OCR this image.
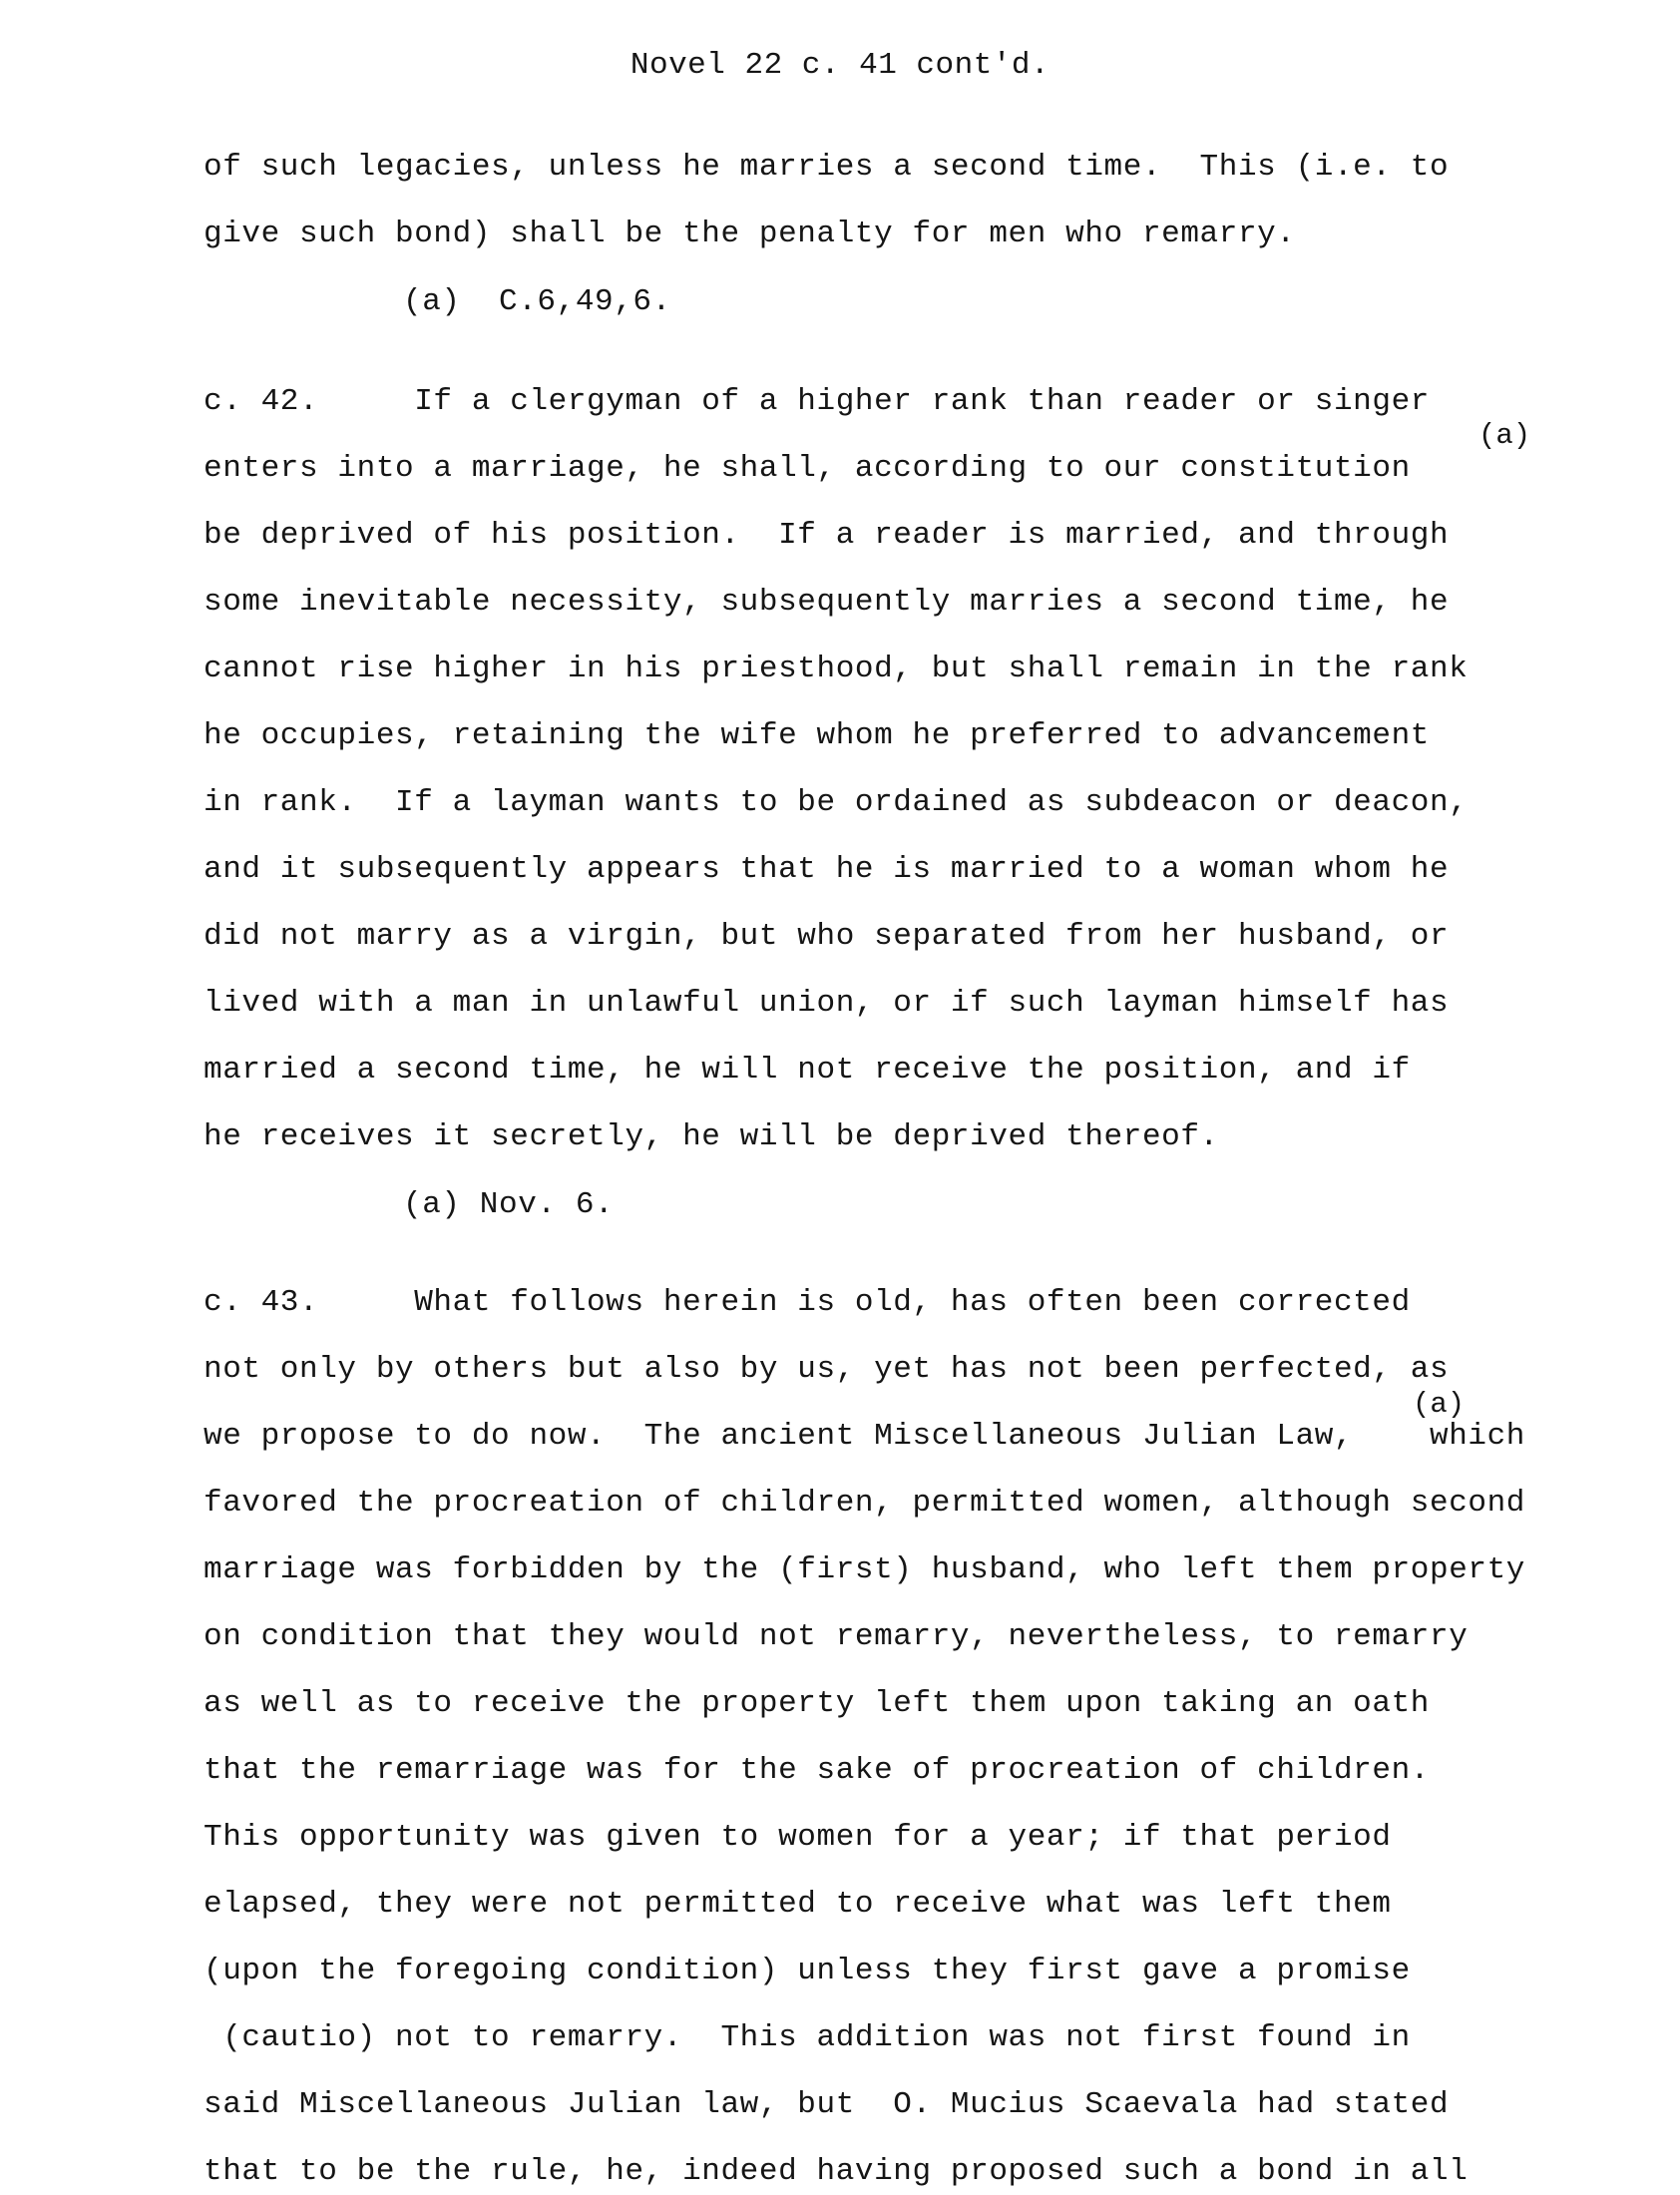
Novel 22 c. 41 cont'd.
of such legacies, unless he marries a second time.  This (i.e. to
give such bond) shall be the penalty for men who remarry.
(a)  C.6,49,6.
c. 42.     If a clergyman of a higher rank than reader or singer
(a)
enters into a marriage, he shall, according to our constitution
be deprived of his position.  If a reader is married, and through
some inevitable necessity, subsequently marries a second time, he
cannot rise higher in his priesthood, but shall remain in the rank
he occupies, retaining the wife whom he preferred to advancement
in rank.  If a layman wants to be ordained as subdeacon or deacon,
and it subsequently appears that he is married to a woman whom he
did not marry as a virgin, but who separated from her husband, or
lived with a man in unlawful union, or if such layman himself has
married a second time, he will not receive the position, and if
he receives it secretly, he will be deprived thereof.
(a) Nov. 6.
c. 43.     What follows herein is old, has often been corrected
not only by others but also by us, yet has not been perfected, as
(a)
we propose to do now.  The ancient Miscellaneous Julian Law,    which
favored the procreation of children, permitted women, although second
marriage was forbidden by the (first) husband, who left them property
on condition that they would not remarry, nevertheless, to remarry
as well as to receive the property left them upon taking an oath
that the remarriage was for the sake of procreation of children.
This opportunity was given to women for a year; if that period
elapsed, they were not permitted to receive what was left them
(upon the foregoing condition) unless they first gave a promise
(cautio) not to remarry.  This addition was not first found in
said Miscellaneous Julian law, but  O. Mucius Scaevala had stated
that to be the rule, he, indeed having proposed such a bond in all
